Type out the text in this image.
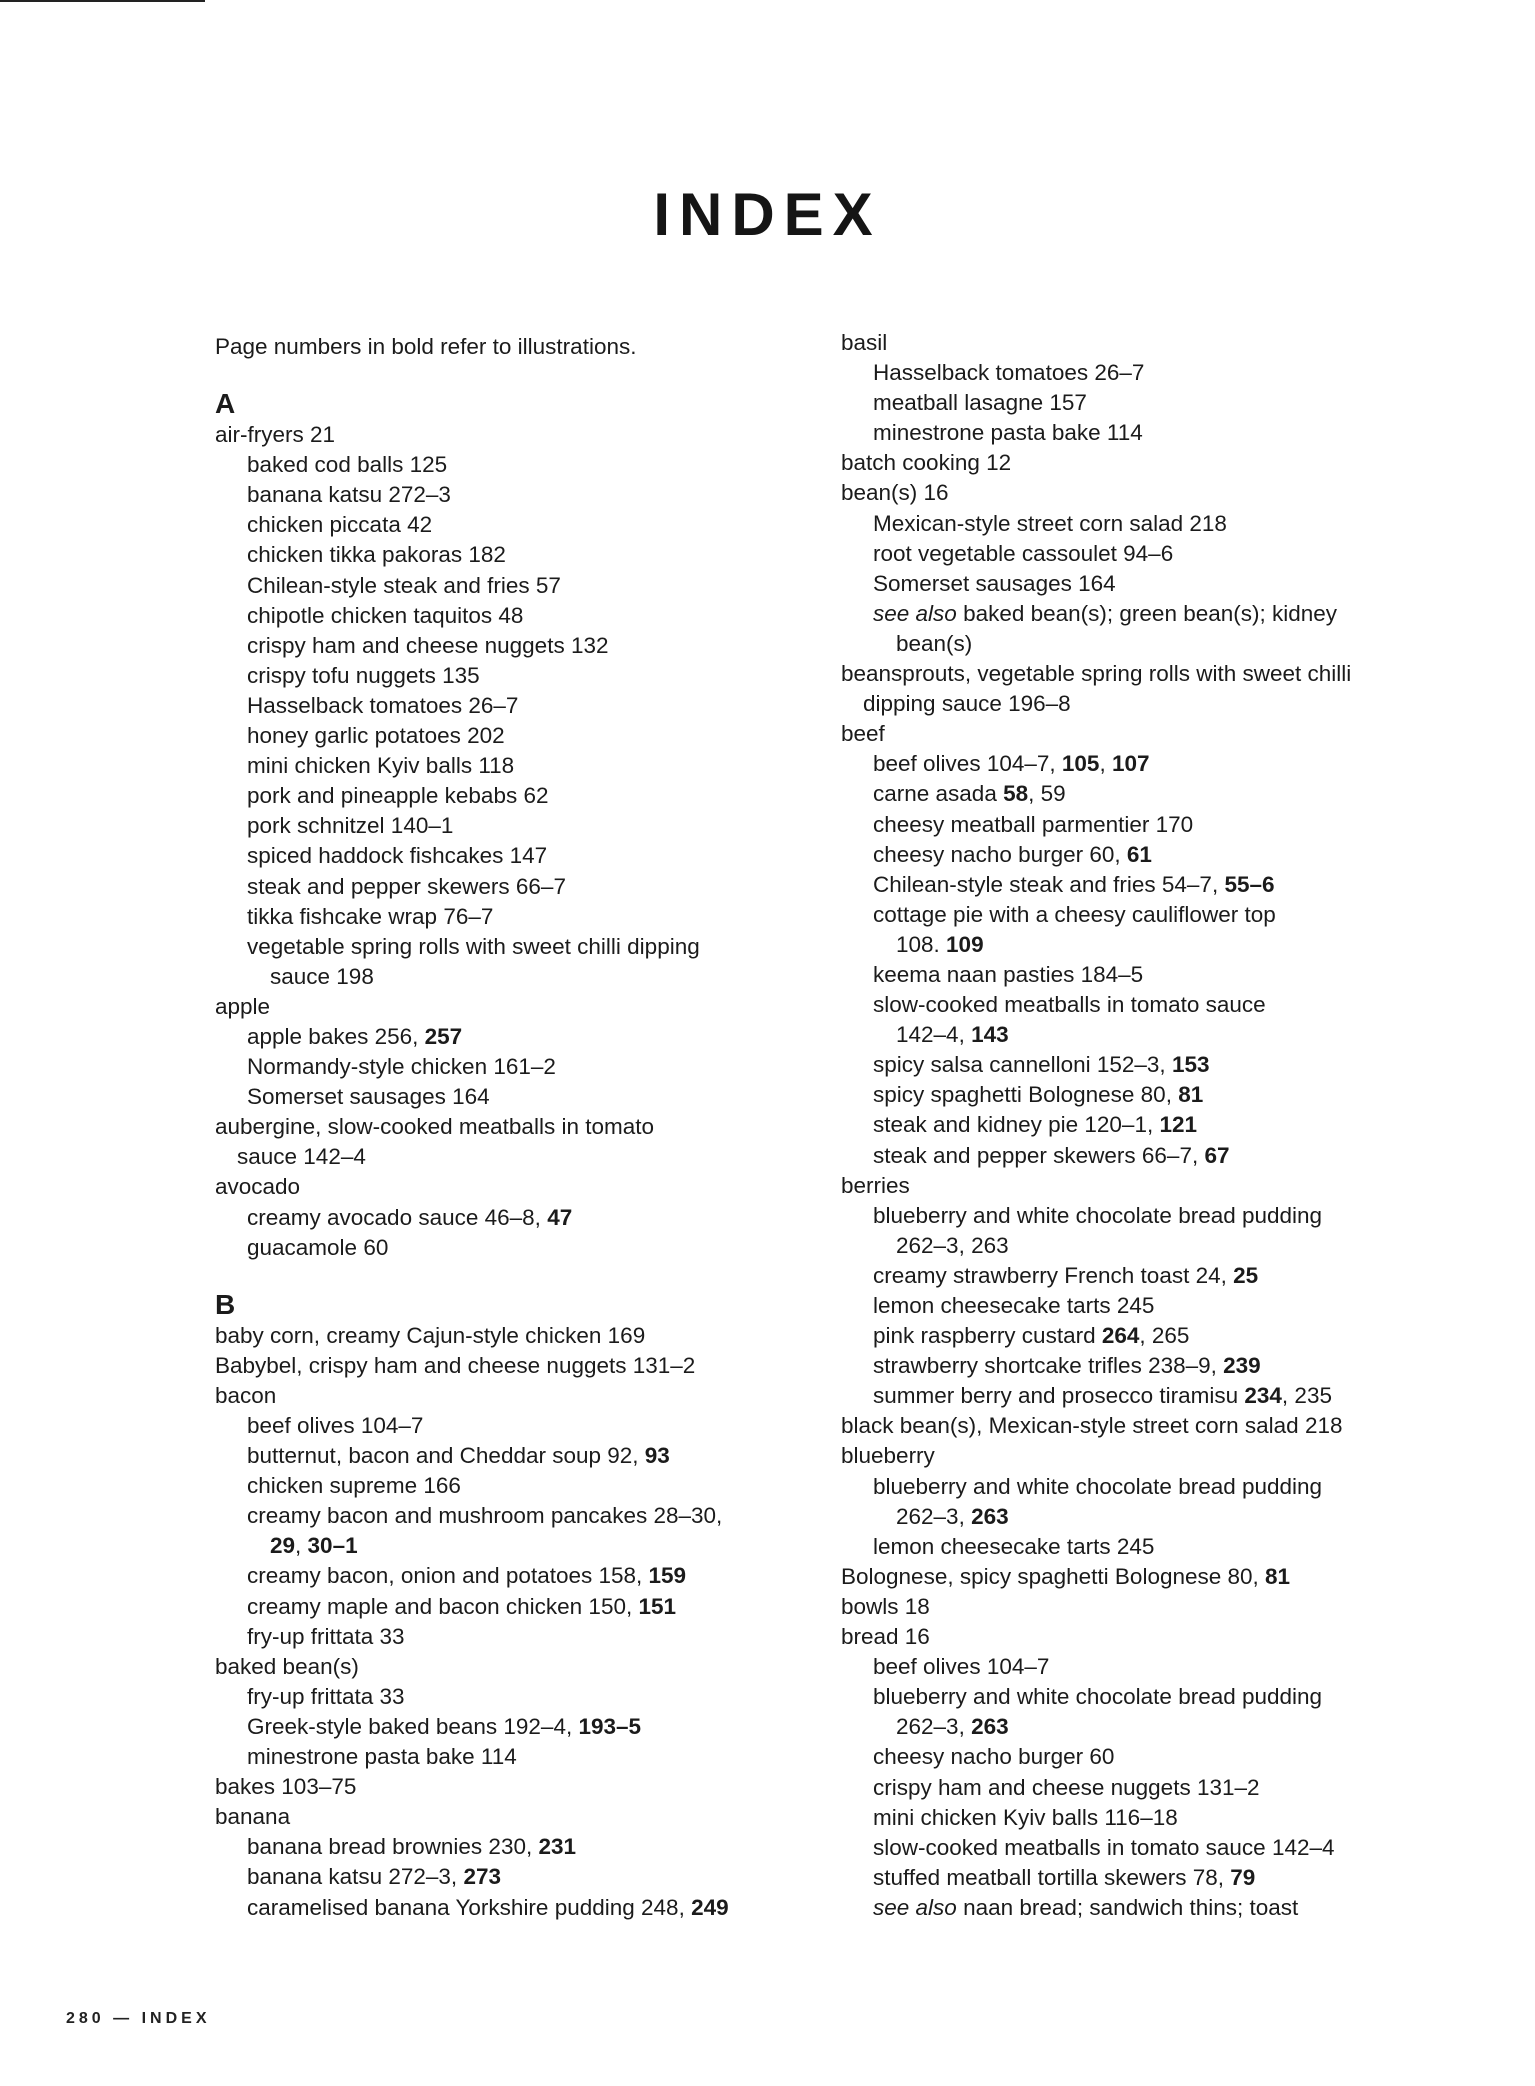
INDEX
Page numbers in bold refer to illustrations.
A
air-fryers 21
baked cod balls 125
banana katsu 272–3
chicken piccata 42
chicken tikka pakoras 182
Chilean-style steak and fries 57
chipotle chicken taquitos 48
crispy ham and cheese nuggets 132
crispy tofu nuggets 135
Hasselback tomatoes 26–7
honey garlic potatoes 202
mini chicken Kyiv balls 118
pork and pineapple kebabs 62
pork schnitzel 140–1
spiced haddock fishcakes 147
steak and pepper skewers 66–7
tikka fishcake wrap 76–7
vegetable spring rolls with sweet chilli dipping
sauce 198
apple
apple bakes 256, 257
Normandy-style chicken 161–2
Somerset sausages 164
aubergine, slow-cooked meatballs in tomato
sauce 142–4
avocado
creamy avocado sauce 46–8, 47
guacamole 60
B
baby corn, creamy Cajun-style chicken 169
Babybel, crispy ham and cheese nuggets 131–2
bacon
beef olives 104–7
butternut, bacon and Cheddar soup 92, 93
chicken supreme 166
creamy bacon and mushroom pancakes 28–30,
29, 30–1
creamy bacon, onion and potatoes 158, 159
creamy maple and bacon chicken 150, 151
fry-up frittata 33
baked bean(s)
fry-up frittata 33
Greek-style baked beans 192–4, 193–5
minestrone pasta bake 114
bakes 103–75
banana
banana bread brownies 230, 231
banana katsu 272–3, 273
caramelised banana Yorkshire pudding 248, 249
basil
Hasselback tomatoes 26–7
meatball lasagne 157
minestrone pasta bake 114
batch cooking 12
bean(s) 16
Mexican-style street corn salad 218
root vegetable cassoulet 94–6
Somerset sausages 164
see also baked bean(s); green bean(s); kidney
bean(s)
beansprouts, vegetable spring rolls with sweet chilli
dipping sauce 196–8
beef
beef olives 104–7, 105, 107
carne asada 58, 59
cheesy meatball parmentier 170
cheesy nacho burger 60, 61
Chilean-style steak and fries 54–7, 55–6
cottage pie with a cheesy cauliflower top
108. 109
keema naan pasties 184–5
slow-cooked meatballs in tomato sauce
142–4, 143
spicy salsa cannelloni 152–3, 153
spicy spaghetti Bolognese 80, 81
steak and kidney pie 120–1, 121
steak and pepper skewers 66–7, 67
berries
blueberry and white chocolate bread pudding
262–3, 263
creamy strawberry French toast 24, 25
lemon cheesecake tarts 245
pink raspberry custard 264, 265
strawberry shortcake trifles 238–9, 239
summer berry and prosecco tiramisu 234, 235
black bean(s), Mexican-style street corn salad 218
blueberry
blueberry and white chocolate bread pudding
262–3, 263
lemon cheesecake tarts 245
Bolognese, spicy spaghetti Bolognese 80, 81
bowls 18
bread 16
beef olives 104–7
blueberry and white chocolate bread pudding
262–3, 263
cheesy nacho burger 60
crispy ham and cheese nuggets 131–2
mini chicken Kyiv balls 116–18
slow-cooked meatballs in tomato sauce 142–4
stuffed meatball tortilla skewers 78, 79
see also naan bread; sandwich thins; toast
280 — INDEX
